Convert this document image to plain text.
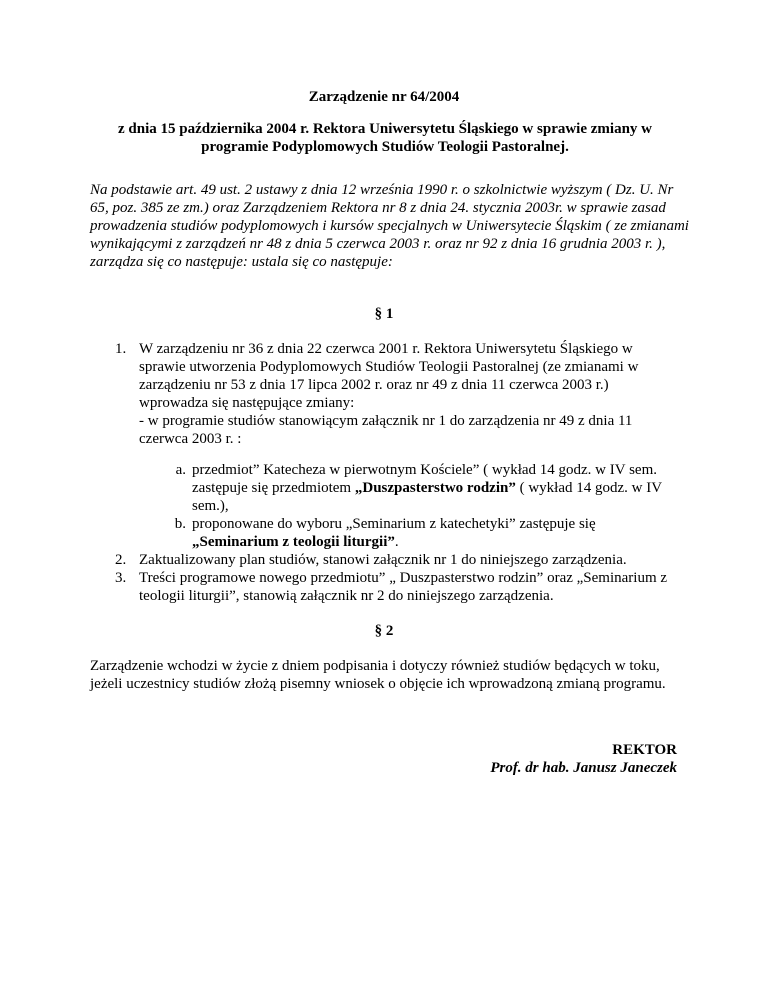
Zarządzenie nr 64/2004
z dnia 15 października 2004 r. Rektora Uniwersytetu Śląskiego w sprawie zmiany w programie Podyplomowych Studiów Teologii Pastoralnej.
Na podstawie art. 49 ust. 2 ustawy z dnia 12 września 1990 r. o szkolnictwie wyższym ( Dz. U. Nr 65, poz. 385 ze zm.) oraz Zarządzeniem Rektora nr 8 z dnia 24. stycznia 2003r. w sprawie zasad prowadzenia studiów podyplomowych i kursów specjalnych w Uniwersytecie Śląskim ( ze zmianami wynikającymi z zarządzeń nr 48 z dnia 5 czerwca 2003 r. oraz nr 92 z dnia 16 grudnia 2003 r. ), zarządza się co następuje: ustala się co następuje:
§ 1
1. W zarządzeniu nr 36 z dnia 22 czerwca 2001 r. Rektora Uniwersytetu Śląskiego w sprawie utworzenia Podyplomowych Studiów Teologii Pastoralnej (ze zmianami w zarządzeniu nr 53 z dnia 17 lipca 2002 r. oraz nr 49 z dnia 11 czerwca 2003 r.) wprowadza się następujące zmiany:
- w programie studiów stanowiącym załącznik nr 1 do zarządzenia nr 49 z dnia 11 czerwca 2003 r. :
a. przedmiot” Katecheza w pierwotnym Kościele” ( wykład 14 godz. w IV sem. zastępuje się przedmiotem „Duszpasterstwo rodzin” ( wykład 14 godz. w IV sem.),
b. proponowane do wyboru „Seminarium z katechetyki” zastępuje się „Seminarium z teologii liturgii”.
2. Zaktualizowany plan studiów, stanowi załącznik nr 1 do niniejszego zarządzenia.
3. Treści programowe nowego przedmiotu” „ Duszpasterstwo rodzin” oraz „Seminarium z teologii liturgii”, stanowią załącznik nr 2 do niniejszego zarządzenia.
§ 2
Zarządzenie wchodzi w życie z dniem podpisania i dotyczy również studiów będących w toku, jeżeli uczestnicy studiów złożą pisemny wniosek o objęcie ich wprowadzoną zmianą programu.
REKTOR
Prof. dr hab. Janusz Janeczek
